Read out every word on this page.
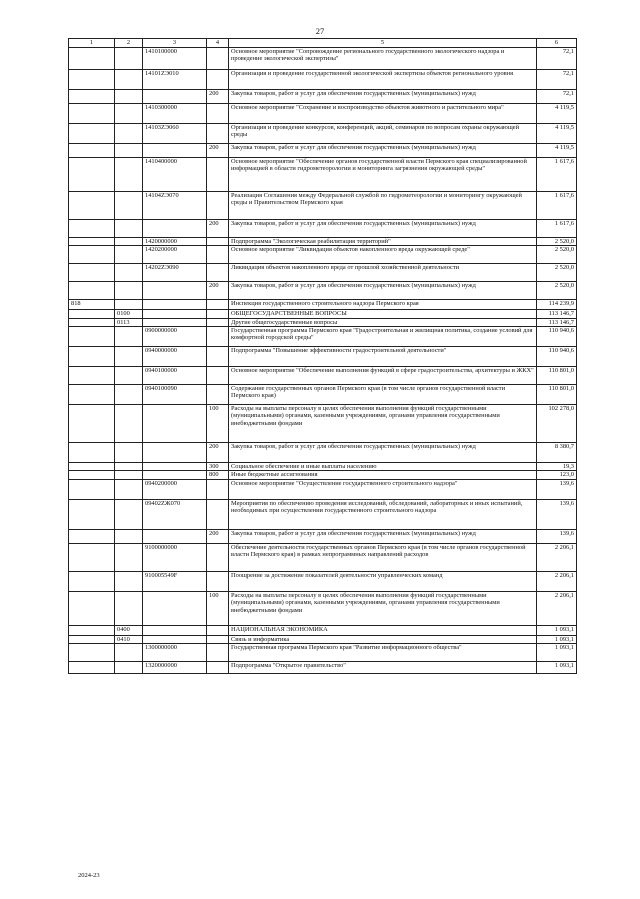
27
1	2	3	4	5	6
		1410100000		Основное мероприятие "Сопровождение регионального государственного экологического надзора и проведение экологической экспертизы"	72,1
		14101ZЭ010		Организация и проведение государственной экологической экспертизы объектов регионального уровня	72,1
			200	Закупка товаров, работ и услуг для обеспечения государственных (муниципальных) нужд	72,1
		1410300000		Основное мероприятие "Сохранение и воспроизводство объектов животного и растительного мира"	4 119,5
		14103ZЭ060		Организация и проведение конкурсов, конференций, акций, семинаров по вопросам охраны окружающей среды	4 119,5
			200	Закупка товаров, работ и услуг для обеспечения государственных (муниципальных) нужд	4 119,5
		1410400000		Основное мероприятие "Обеспечение органов государственной власти Пермского края специализированной информацией в области гидрометеорологии и мониторинга загрязнения окружающей среды"	1 617,6
		14104ZЭ070		Реализация Соглашения между Федеральной службой по гидрометеорологии и мониторингу окружающей среды и Правительством Пермского края	1 617,6
			200	Закупка товаров, работ и услуг для обеспечения государственных (муниципальных) нужд	1 617,6
		1420000000		Подпрограмма "Экологическая реабилитация территорий"	2 520,0
		1420200000		Основное мероприятие "Ликвидация объектов накопленного вреда окружающей среде"	2 520,0
		14202ZЭ090		Ликвидация объектов накопленного вреда от прошлой хозяйственной деятельности	2 520,0
			200	Закупка товаров, работ и услуг для обеспечения государственных (муниципальных) нужд	2 520,0
818				Инспекция государственного строительного надзора Пермского края	114 239,9
	0100			ОБЩЕГОСУДАРСТВЕННЫЕ ВОПРОСЫ	113 146,7
	0113			Другие общегосударственные вопросы	113 146,7
		0900000000		Государственная программа Пермского края "Градостроительная и жилищная политика, создание условий для комфортной городской среды"	110 940,6
		0940000000		Подпрограмма "Повышение эффективности градостроительной деятельности"	110 940,6
		0940100000		Основное мероприятие "Обеспечение выполнения функций в сфере градостроительства, архитектуры и ЖКХ"	110 801,0
		0940100090		Содержание государственных органов Пермского края (в том числе органов государственной власти Пермского края)	110 801,0
			100	Расходы на выплаты персоналу в целях обеспечения выполнения функций государственными (муниципальными) органами, казенными учреждениями, органами управления государственными внебюджетными фондами	102 278,0
			200	Закупка товаров, работ и услуг для обеспечения государственных (муниципальных) нужд	8 380,7
			300	Социальное обеспечение и иные выплаты населению	19,3
			800	Иные бюджетные ассигнования	123,0
		0940200000		Основное мероприятие "Осуществление государственного строительного надзора"	139,6
		09402ZЖ070		Мероприятия по обеспечению проведения исследований, обследований, лабораторных и иных испытаний, необходимых при осуществлении государственного строительного надзора	139,6
			200	Закупка товаров, работ и услуг для обеспечения государственных (муниципальных) нужд	139,6
		9100000000		Обеспечение деятельности государственных органов Пермского края (в том числе органов государственной власти Пермского края) в рамках непрограммных направлений расходов	2 206,1
		910005549F		Поощрение за достижение показателей деятельности управленческих команд	2 206,1
			100	Расходы на выплаты персоналу в целях обеспечения выполнения функций государственными (муниципальными) органами, казенными учреждениями, органами управления государственными внебюджетными фондами	2 206,1
	0400			НАЦИОНАЛЬНАЯ ЭКОНОМИКА	1 093,1
	0410			Связь и информатика	1 093,1
		1300000000		Государственная программа Пермского края "Развитие информационного общества"	1 093,1
		1320000000		Подпрограмма "Открытое правительство"	1 093,1
2024-23
